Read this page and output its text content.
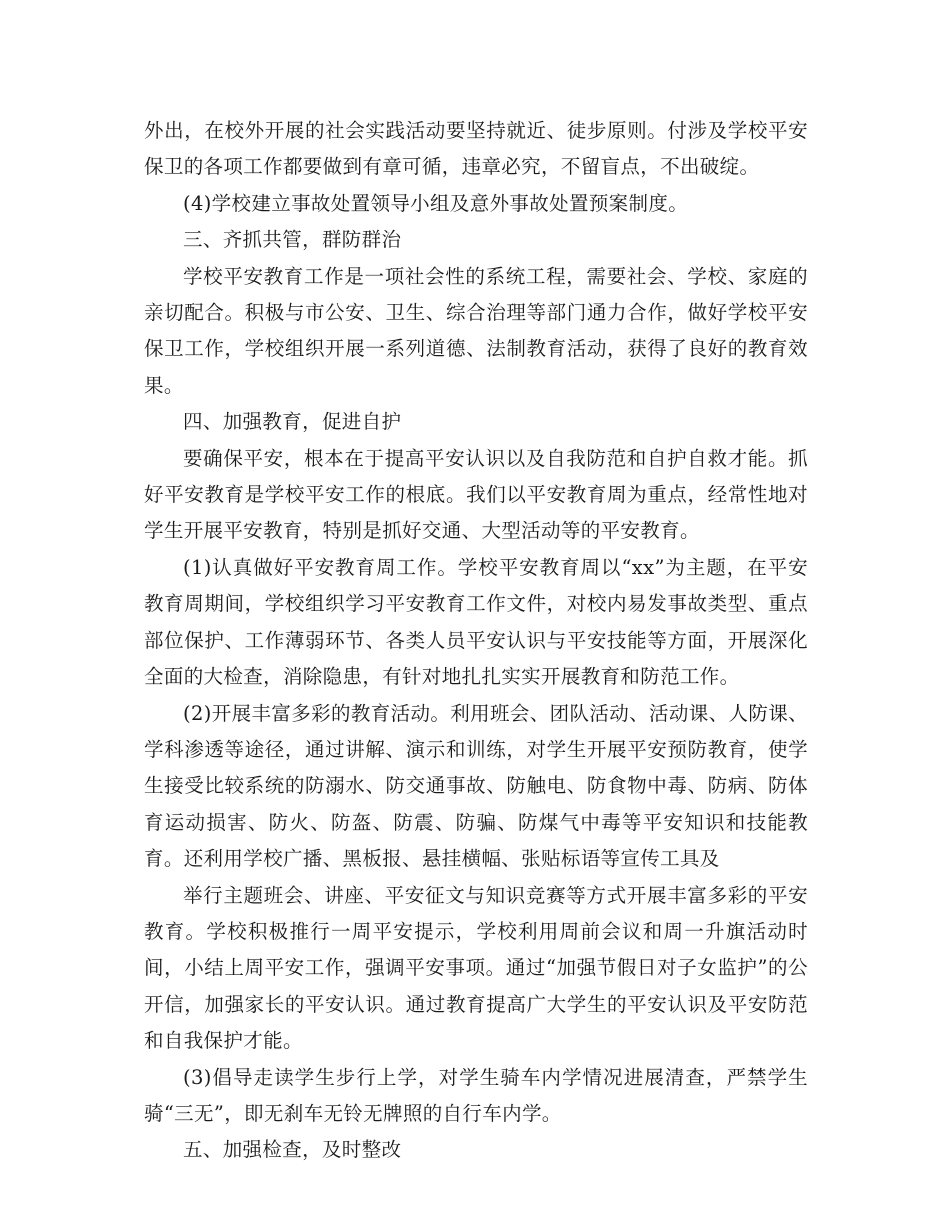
外出，在校外开展的社会实践活动要坚持就近、徒步原则。付涉及学校平安保卫的各项工作都要做到有章可循，违章必究，不留盲点，不出破绽。

(4)学校建立事故处置领导小组及意外事故处置预案制度。

三、齐抓共管，群防群治

学校平安教育工作是一项社会性的系统工程，需要社会、学校、家庭的亲切配合。积极与市公安、卫生、综合治理等部门通力合作，做好学校平安保卫工作，学校组织开展一系列道德、法制教育活动，获得了良好的教育效果。

四、加强教育，促进自护

要确保平安，根本在于提高平安认识以及自我防范和自护自救才能。抓好平安教育是学校平安工作的根底。我们以平安教育周为重点，经常性地对学生开展平安教育，特别是抓好交通、大型活动等的平安教育。

(1)认真做好平安教育周工作。学校平安教育周以“xx”为主题，在平安教育周期间，学校组织学习平安教育工作文件，对校内易发事故类型、重点部位保护、工作薄弱环节、各类人员平安认识与平安技能等方面，开展深化全面的大检查，消除隐患，有针对地扎扎实实开展教育和防范工作。

(2)开展丰富多彩的教育活动。利用班会、团队活动、活动课、人防课、学科渗透等途径，通过讲解、演示和训练，对学生开展平安预防教育，使学生接受比较系统的防溺水、防交通事故、防触电、防食物中毒、防病、防体育运动损害、防火、防盔、防震、防骗、防煤气中毒等平安知识和技能教育。还利用学校广播、黑板报、悬挂横幅、张贴标语等宣传工具及

举行主题班会、讲座、平安征文与知识竞赛等方式开展丰富多彩的平安教育。学校积极推行一周平安提示，学校利用周前会议和周一升旗活动时间，小结上周平安工作，强调平安事项。通过“加强节假日对子女监护”的公开信，加强家长的平安认识。通过教育提高广大学生的平安认识及平安防范和自我保护才能。

(3)倡导走读学生步行上学，对学生骑车内学情况进展清查，严禁学生骑“三无”，即无刹车无铃无牌照的自行车内学。

五、加强检查，及时整改
